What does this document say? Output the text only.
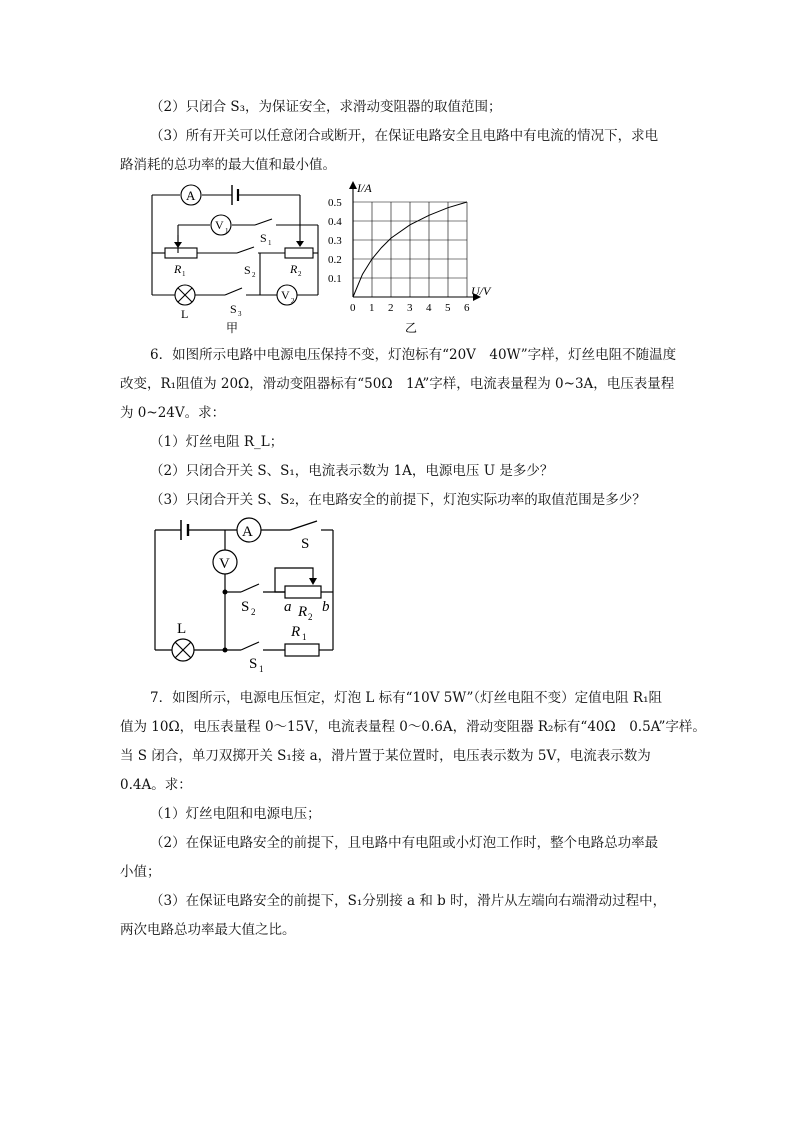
（2）只闭合 S₃，为保证安全，求滑动变阻器的取值范围；
（3）所有开关可以任意闭合或断开，在保证电路安全且电路中有电流的情况下，求电
路消耗的总功率的最大值和最小值。
A
V 1
V 2
L
S 1
S 2
S 3
R 1	R 2
甲
I/A
U/V
0 1 2 3 4 5 6
0.1
0.2
0.3
0.4
0.5
乙
6．如图所示电路中电源电压保持不变，灯泡标有“20V　40W”字样，灯丝电阻不随温度
改变，R₁阻值为 20Ω，滑动变阻器标有“50Ω　1A”字样，电流表量程为 0~3A，电压表量程
为 0~24V。求：
（1）灯丝电阻 R_L；
（2）只闭合开关 S、S₁，电流表示数为 1A，电源电压 U 是多少？
（3）只闭合开关 S、S₂，在电路安全的前提下，灯泡实际功率的取值范围是多少？
A
V
L
S
S 2
S 1
a R 2
b
R 1
7．如图所示，电源电压恒定，灯泡 L 标有“10V 5W”（灯丝电阻不变）定值电阻 R₁阻
值为 10Ω，电压表量程 0～15V，电流表量程 0～0.6A，滑动变阻器 R₂标有“40Ω　0.5A”字样。
当 S 闭合，单刀双掷开关 S₁接 a，滑片置于某位置时，电压表示数为 5V，电流表示数为
0.4A。求：
（1）灯丝电阻和电源电压；
（2）在保证电路安全的前提下，且电路中有电阻或小灯泡工作时，整个电路总功率最
小值；
（3）在保证电路安全的前提下，S₁分别接 a 和 b 时，滑片从左端向右端滑动过程中，
两次电路总功率最大值之比。
